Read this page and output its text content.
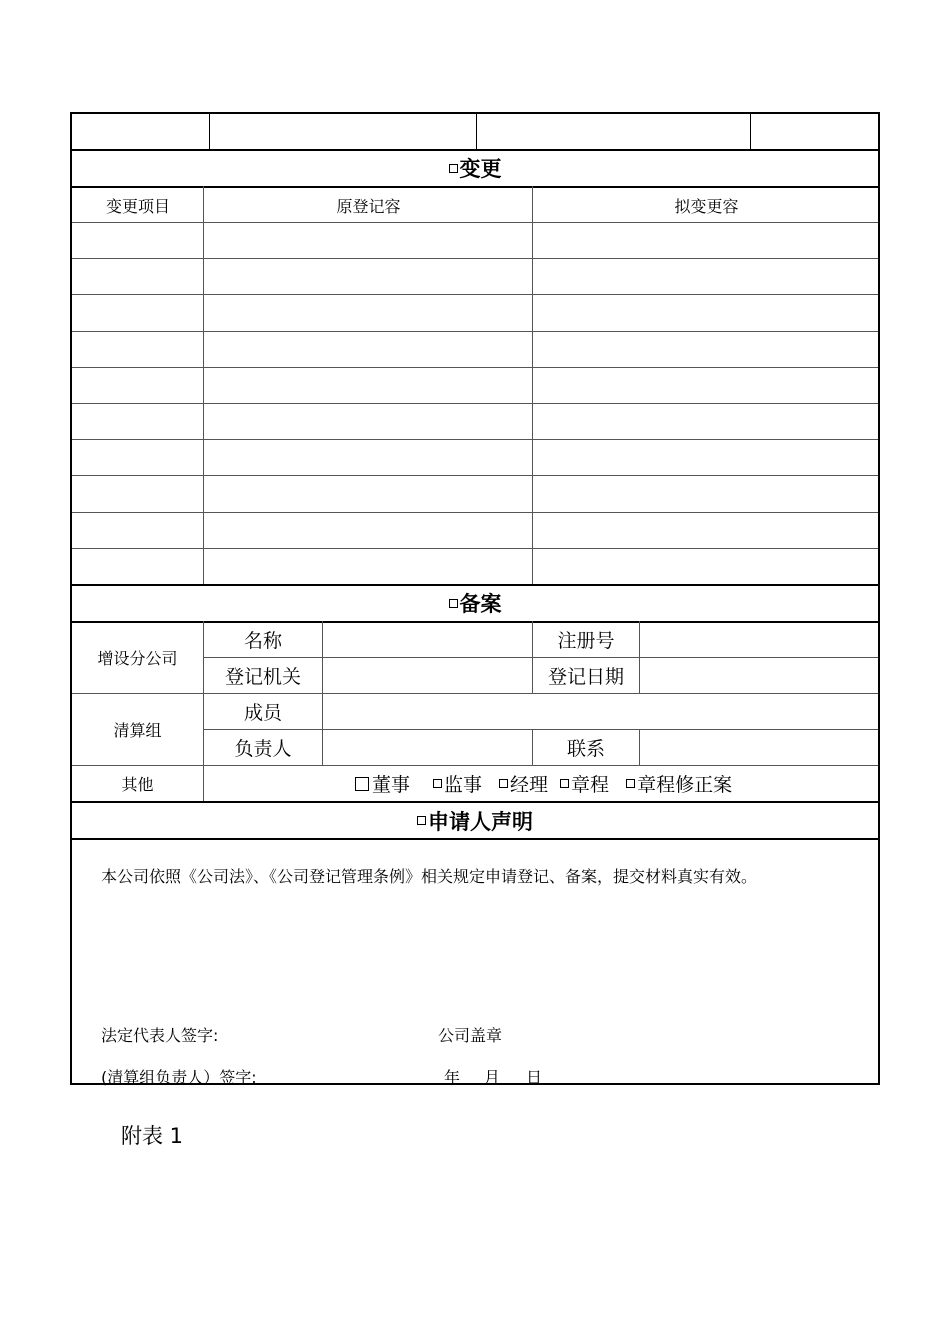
变更
变更项目	原登记容	拟变更容
备案
增设分公司
名称	注册号
登记机关	登记日期
清算组
成员
负责人	联系
其他	董事 监事 经理 章程 章程修正案
申请人声明
本公司依照《公司法》、《公司登记管理条例》相关规定申请登记、备案，提交材料真实有效。
法定代表人签字:	公司盖章
(清算组负责人）签字:	年 月 日
附表 1
